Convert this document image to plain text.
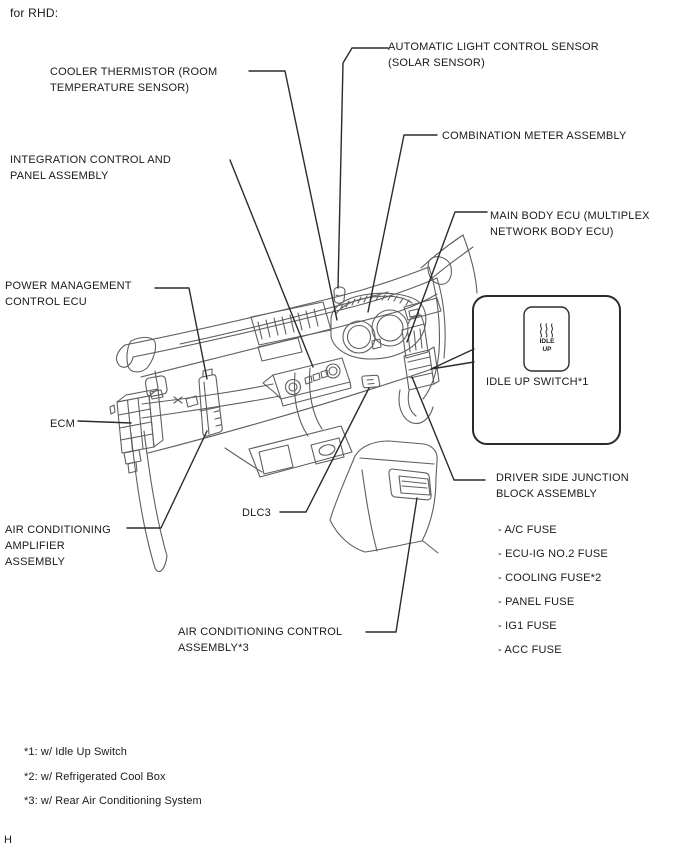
for RHD:
COOLER THERMISTOR (ROOM
TEMPERATURE SENSOR)
AUTOMATIC LIGHT CONTROL SENSOR
(SOLAR SENSOR)
INTEGRATION CONTROL AND
PANEL ASSEMBLY
COMBINATION METER ASSEMBLY
MAIN BODY ECU (MULTIPLEX
NETWORK BODY ECU)
POWER MANAGEMENT
CONTROL ECU
ECM
IDLE
UP
IDLE UP SWITCH*1
DRIVER SIDE JUNCTION
BLOCK ASSEMBLY
- A/C FUSE
- ECU-IG NO.2 FUSE
- COOLING FUSE*2
- PANEL FUSE
- IG1 FUSE
- ACC FUSE
AIR CONDITIONING
AMPLIFIER
ASSEMBLY
DLC3
AIR CONDITIONING CONTROL
ASSEMBLY*3
*1: w/ Idle Up Switch
*2: w/ Refrigerated Cool Box
*3: w/ Rear Air Conditioning System
H
